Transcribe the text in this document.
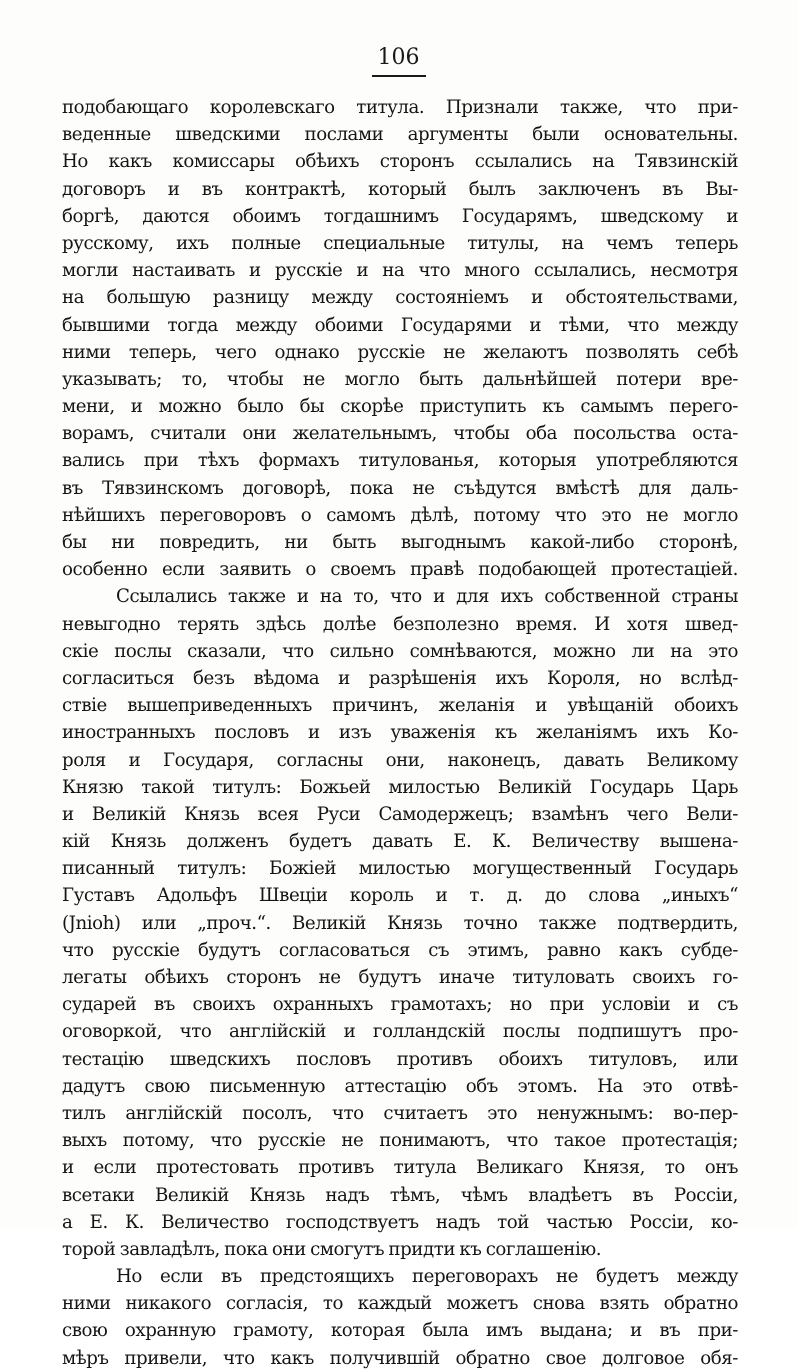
106
подобающаго королевскаго титула. Признали также, что при-
веденные шведскими послами аргументы были основательны.
Но какъ комиссары обѣихъ сторонъ ссылались на Тявзинскій
договоръ и въ контрактѣ, который былъ заключенъ въ Вы-
боргѣ, даются обоимъ тогдашнимъ Государямъ, шведскому и
русскому, ихъ полные специальные титулы, на чемъ теперь
могли настаивать и русскіе и на что много ссылались, несмотря
на большую разницу между состояніемъ и обстоятельствами,
бывшими тогда между обоими Государями и тѣми, что между
ними теперь, чего однако русскіе не желаютъ позволять себѣ
указывать; то, чтобы не могло быть дальнѣйшей потери вре-
мени, и можно было бы скорѣе приступить къ самымъ перего-
ворамъ, считали они желательнымъ, чтобы оба посольства оста-
вались при тѣхъ формахъ титулованья, которыя употребляются
въ Тявзинскомъ договорѣ, пока не съѣдутся вмѣстѣ для даль-
нѣйшихъ переговоровъ о самомъ дѣлѣ, потому что это не могло
бы ни повредить, ни быть выгоднымъ какой-либо сторонѣ,
особенно если заявить о своемъ правѣ подобающей протестаціей.
Ссылались также и на то, что и для ихъ собственной страны
невыгодно терять здѣсь долѣе безполезно время. И хотя швед-
скіе послы сказали, что сильно сомнѣваются, можно ли на это
согласиться безъ вѣдома и разрѣшенія ихъ Короля, но вслѣд-
ствіе вышеприведенныхъ причинъ, желанія и увѣщаній обоихъ
иностранныхъ пословъ и изъ уваженія къ желаніямъ ихъ Ко-
роля и Государя, согласны они, наконецъ, давать Великому
Князю такой титулъ: Божьей милостью Великій Государь Царь
и Великій Князь всея Руси Самодержецъ; взамѣнъ чего Вели-
кій Князь долженъ будетъ давать Е. К. Величеству вышена-
писанный титулъ: Божіей милостью могущественный Государь
Густавъ Адольфъ Швеціи король и т. д. до слова „иныхъ“
(Jnioh) или „проч.“. Великій Князь точно также подтвердить,
что русскіе будутъ согласоваться съ этимъ, равно какъ субде-
легаты обѣихъ сторонъ не будутъ иначе титуловать своихъ го-
сударей въ своихъ охранныхъ грамотахъ; но при условіи и съ
оговоркой, что англійскій и голландскій послы подпишутъ про-
тестацію шведскихъ пословъ противъ обоихъ титуловъ, или
дадутъ свою письменную аттестацію объ этомъ. На это отвѣ-
тилъ англійскій посолъ, что считаетъ это ненужнымъ: во-пер-
выхъ потому, что русскіе не понимаютъ, что такое протестація;
и если протестовать противъ титула Великаго Князя, то онъ
всетаки Великій Князь надъ тѣмъ, чѣмъ владѣетъ въ Россіи,
а Е. К. Величество господствуетъ надъ той частью Россіи, ко-
торой завладѣлъ, пока они смогутъ придти къ соглашенію.
Но если въ предстоящихъ переговорахъ не будетъ между
ними никакого согласія, то каждый можетъ снова взять обратно
свою охранную грамоту, которая была имъ выдана; и въ при-
мѣръ привели, что какъ получившій обратно свое долговое обя-
